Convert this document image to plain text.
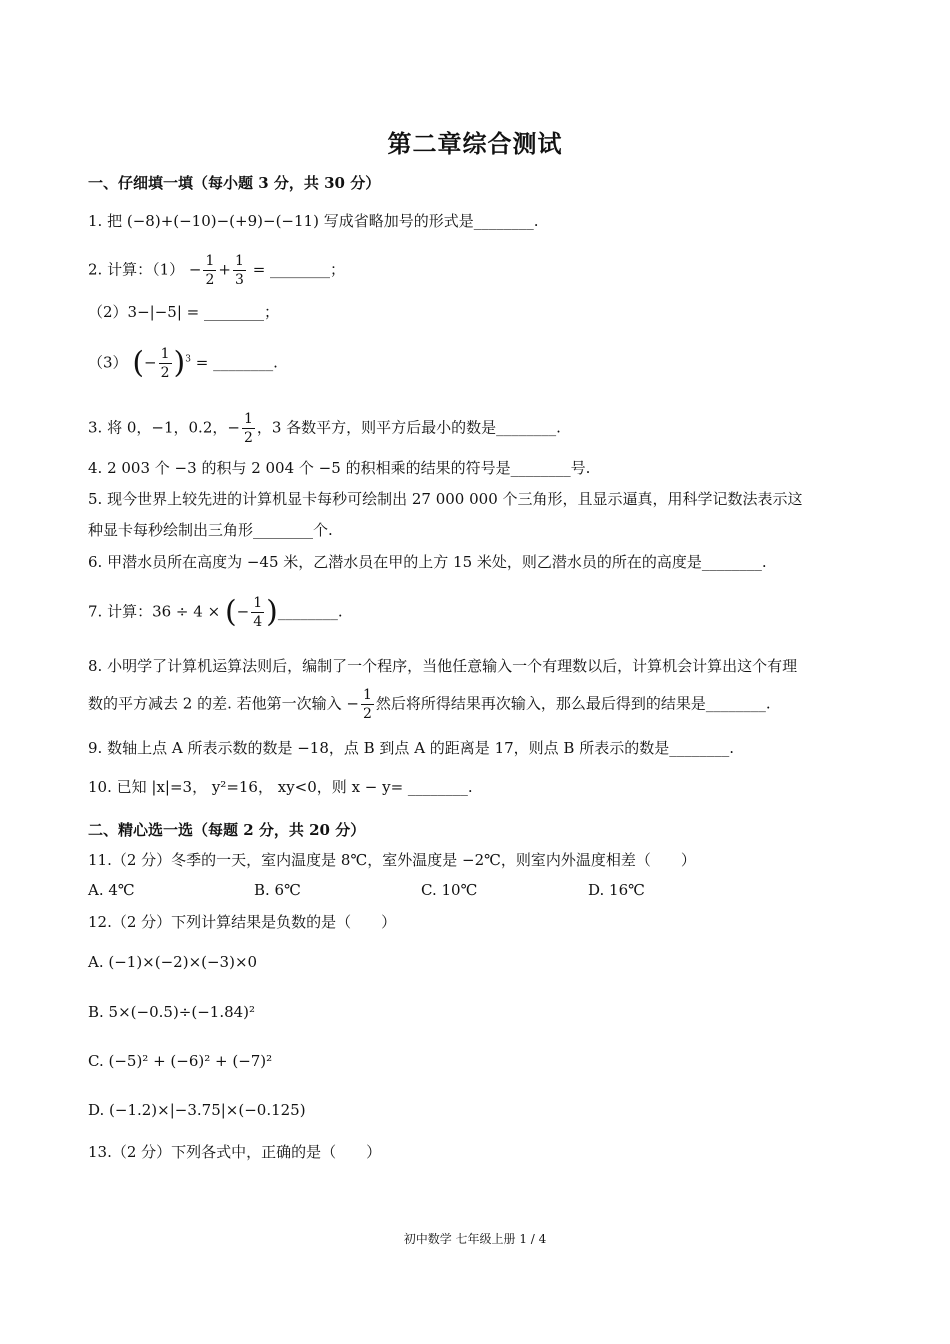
第二章综合测试
一、仔细填一填（每小题 3 分，共 30 分）
1. 把 (−8)+(−10)−(+9)−(−11) 写成省略加号的形式是________.
2. 计算：$(1) - \frac{1}{2} + \frac{1}{3}$ = ________；
（2）3−|−5| = ________；
（3） (− $\frac{1}{2} )^3$ = ________.
3. 将 0，−1，0.2，− $\frac{1}{2}$ ，3 各数平方，则平方后最小的数是________.
4. 2 003 个 −3 的积与 2 004 个 −5 的积相乘的结果的符号是________号.
5. 现今世界上较先进的计算机显卡每秒可绘制出 27 000 000 个三角形，且显示逼真，用科学记数法表示这
种显卡每秒绘制出三角形________个.
6. 甲潜水员所在高度为 −45 米，乙潜水员在甲的上方 15 米处，则乙潜水员的所在的高度是________.
7. 计算：36 ÷ 4 × (− $\frac{1}{4}$ )________.
8. 小明学了计算机运算法则后，编制了一个程序，当他任意输入一个有理数以后，计算机会计算出这个有理
数的平方减去 2 的差. 若他第一次输入 − $\frac{1}{2}$ 然后将所得结果再次输入，那么最后得到的结果是________.
9. 数轴上点 A 所表示数的数是 −18，点 B 到点 A 的距离是 17，则点 B 所表示的数是________.
10. 已知 |x|=3， y²=16， xy<0，则 x − y= ________.
二、精心选一选（每题 2 分，共 20 分）
11.（2 分）冬季的一天，室内温度是 8℃，室外温度是 −2℃，则室内外温度相差（　　）
A. 4℃	B. 6℃	C. 10℃	D. 16℃
12.（2 分）下列计算结果是负数的是（　　）
A. (−1)×(−2)×(−3)×0
B. 5×(−0.5)÷(−1.84)²
C. (−5)² + (−6)² + (−7)²
D. (−1.2)×|−3.75|×(−0.125)
13.（2 分）下列各式中，正确的是（　　）
初中数学 七年级上册 1 / 4
